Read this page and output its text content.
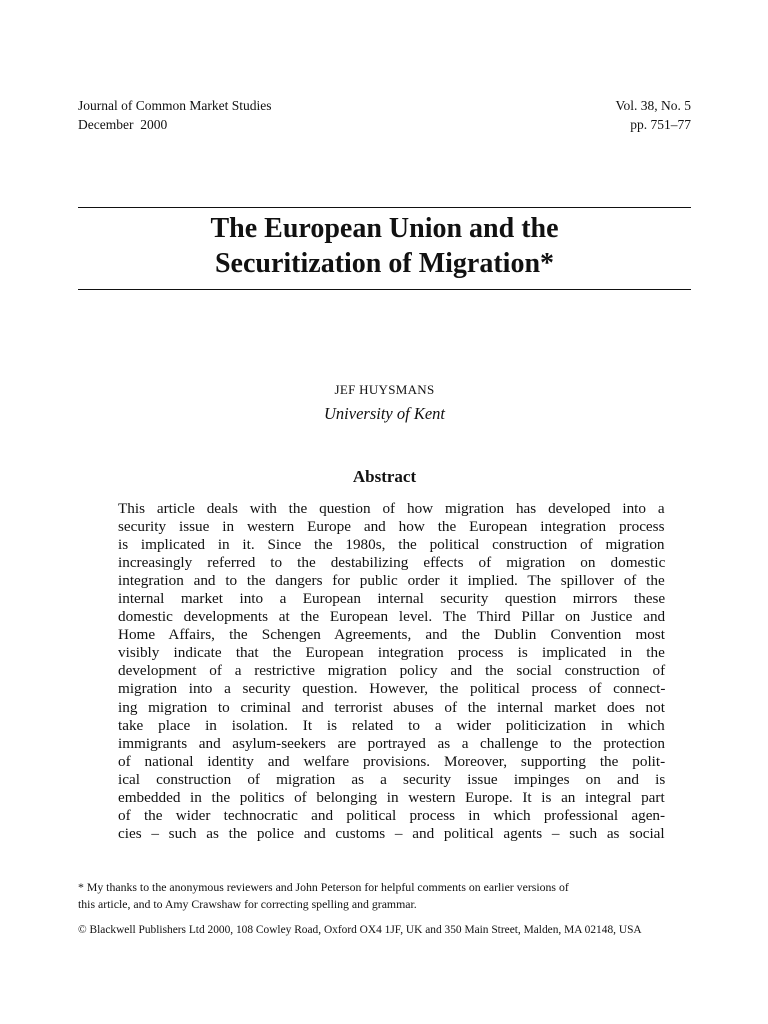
Journal of Common Market Studies
December  2000
Vol. 38, No. 5
pp. 751–77
The European Union and the
Securitization of Migration*
JEF HUYSMANS
University of Kent
Abstract
This article deals with the question of how migration has developed into a
security issue in western Europe and how the European integration process
is implicated in it. Since the 1980s, the political construction of migration
increasingly referred to the destabilizing effects of migration on domestic
integration and to the dangers for public order it implied. The spillover of the
internal market into a European internal security question mirrors these
domestic developments at the European level. The Third Pillar on Justice and
Home Affairs, the Schengen Agreements, and the Dublin Convention most
visibly indicate that the European integration process is implicated in the
development of a restrictive migration policy and the social construction of
migration into a security question. However, the political process of connect-
ing migration to criminal and terrorist abuses of the internal market does not
take place in isolation. It is related to a wider politicization in which
immigrants and asylum-seekers are portrayed as a challenge to the protection
of national identity and welfare provisions. Moreover, supporting the polit-
ical construction of migration as a security issue impinges on and is
embedded in the politics of belonging in western Europe. It is an integral part
of the wider technocratic and political process in which professional agen-
cies – such as the police and customs – and political agents – such as social
* My thanks to the anonymous reviewers and John Peterson for helpful comments on earlier versions of
this article, and to Amy Crawshaw for correcting spelling and grammar.
© Blackwell Publishers Ltd 2000, 108 Cowley Road, Oxford OX4 1JF, UK and 350 Main Street, Malden, MA 02148, USA
